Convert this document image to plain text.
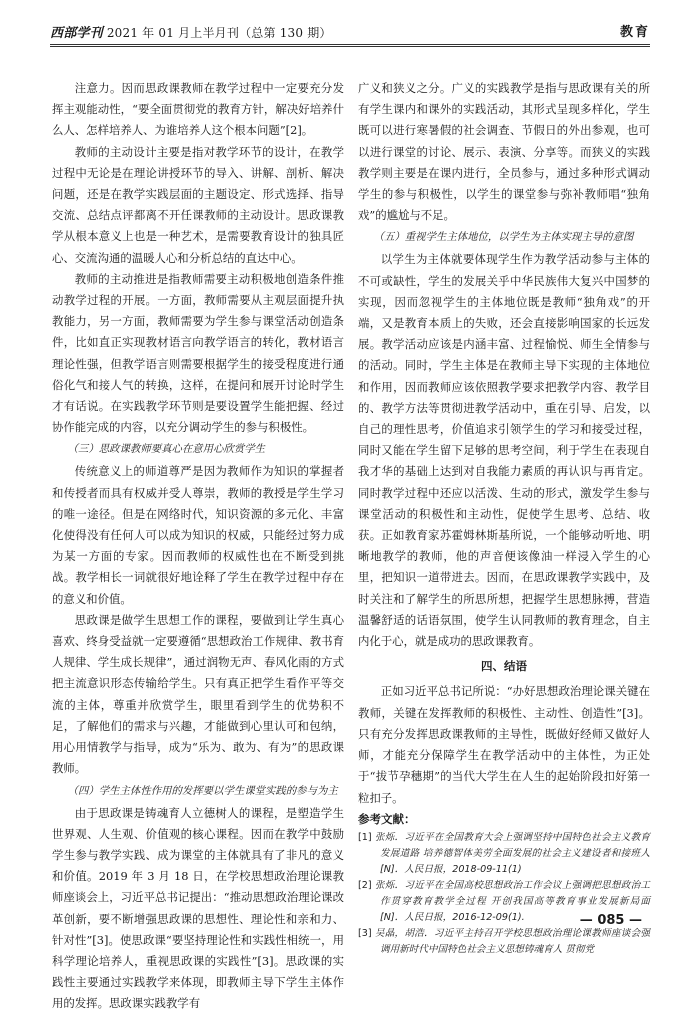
西部学刊 2021 年 01 月上半月刊（总第 130 期）	教育

注意力。因而思政课教师在教学过程中一定要充分发挥主观能动性，“要全面贯彻党的教育方针，解决好培养什么人、怎样培养人、为谁培养人这个根本问题”[2]。

教师的主动设计主要是指对教学环节的设计，在教学过程中无论是在理论讲授环节的导入、讲解、剖析、解决问题，还是在教学实践层面的主题设定、形式选择、指导交流、总结点评都离不开任课教师的主动设计。思政课教学从根本意义上也是一种艺术，是需要教育设计的独具匠心、交流沟通的温暖人心和分析总结的直达中心。

教师的主动推进是指教师需要主动积极地创造条件推动教学过程的开展。一方面，教师需要从主观层面提升执教能力，另一方面，教师需要为学生参与课堂活动创造条件，比如直正实现教材语言向教学语言的转化，教材语言理论性强，但教学语言则需要根据学生的接受程度进行通俗化气和接人气的转换，这样，在提问和展开讨论时学生才有话说。在实践教学环节则是要设置学生能把握、经过协作能完成的内容，以充分调动学生的参与积极性。

（三）思政课教师要真心在意用心欣赏学生

传统意义上的师道尊严是因为教师作为知识的掌握者和传授者而具有权威并受人尊崇，教师的教授是学生学习的唯一途径。但是在网络时代，知识资源的多元化、丰富化使得没有任何人可以成为知识的权威，只能经过努力成为某一方面的专家。因而教师的权威性也在不断受到挑战。教学相长一词就很好地诠释了学生在教学过程中存在的意义和价值。

思政课是做学生思想工作的课程，要做到让学生真心喜欢、终身受益就一定要遵循“思想政治工作规律、教书育人规律、学生成长规律”，通过润物无声、春风化雨的方式把主流意识形态传输给学生。只有真正把学生看作平等交流的主体，尊重并欣赏学生，眼里看到学生的优势积不足，了解他们的需求与兴趣，才能做到心里认可和包纳，用心用情教学与指导，成为“乐为、敢为、有为”的思政课教师。

（四）学生主体性作用的发挥要以学生课堂实践的参与为主

由于思政课是铸魂育人立德树人的课程，是塑造学生世界观、人生观、价值观的核心课程。因而在教学中鼓励学生参与教学实践、成为课堂的主体就具有了非凡的意义和价值。2019 年 3 月 18 日，在学校思想政治理论课教师座谈会上，习近平总书记提出：“推动思想政治理论课改革创新，要不断增强思政课的思想性、理论性和亲和力、针对性”[3]。使思政课“要坚持理论性和实践性相统一，用科学理论培养人，重视思政课的实践性”[3]。思政课的实践性主要通过实践教学来体现，即教师主导下学生主体作用的发挥。思政课实践教学有

广义和狭义之分。广义的实践教学是指与思政课有关的所有学生课内和课外的实践活动，其形式呈现多样化，学生既可以进行寒暑假的社会调查、节假日的外出参观，也可以进行课堂的讨论、展示、表演、分享等。而狭义的实践教学则主要是在课内进行，全员参与，通过多种形式调动学生的参与积极性，以学生的课堂参与弥补教师唱“独角戏”的尴尬与不足。

（五）重视学生主体地位，以学生为主体实现主导的意图

以学生为主体就要体现学生作为教学活动参与主体的不可或缺性，学生的发展关乎中华民族伟大复兴中国梦的实现，因而忽视学生的主体地位既是教师“独角戏”的开端，又是教育本质上的失败，还会直接影响国家的长远发展。教学活动应该是内涵丰富、过程愉悦、师生全情参与的活动。同时，学生主体是在教师主导下实现的主体地位和作用，因而教师应该依照教学要求把教学内容、教学目的、教学方法等贯彻进教学活动中，重在引导、启发，以自己的理性思考，价值追求引领学生的学习和接受过程，同时又能在学生留下足够的思考空间，利于学生在表现自我才华的基础上达到对自我能力素质的再认识与再肯定。同时教学过程中还应以活泼、生动的形式，激发学生参与课堂活动的积极性和主动性，促使学生思考、总结、收获。正如教育家苏霍姆林斯基所说，一个能够动听地、明晰地教学的教师，他的声音便该像油一样浸入学生的心里，把知识一道带进去。因而，在思政课教学实践中，及时关注和了解学生的所思所想，把握学生思想脉搏，营造温馨舒适的话语氛围，使学生认同教师的教育理念，自主内化于心，就是成功的思政课教育。

四、结语

正如习近平总书记所说：“办好思想政治理论课关键在教师，关键在发挥教师的积极性、主动性、创造性”[3]。只有充分发挥思政课教师的主导性，既做好经师又做好人师，才能充分保障学生在教学活动中的主体性，为正处于“拔节孕穗期”的当代大学生在人生的起始阶段扣好第一粒扣子。

参考文献：

[1] 张烁．习近平在全国教育大会上强调坚持中国特色社会主义教育发展道路 培养德智体美劳全面发展的社会主义建设者和接班人 [N]．人民日报，2018-09-11(1)

[2] 张烁．习近平在全国高校思想政治工作会议上强调把思想政治工作贯穿教育教学全过程 开创我国高等教育事业发展新局面 [N]．人民日报，2016-12-09(1).

[3] 吴晶，胡浩．习近平主持召开学校思想政治理论课教师座谈会强调用新时代中国特色社会主义思想铸魂育人 贯彻党

— 085 —
